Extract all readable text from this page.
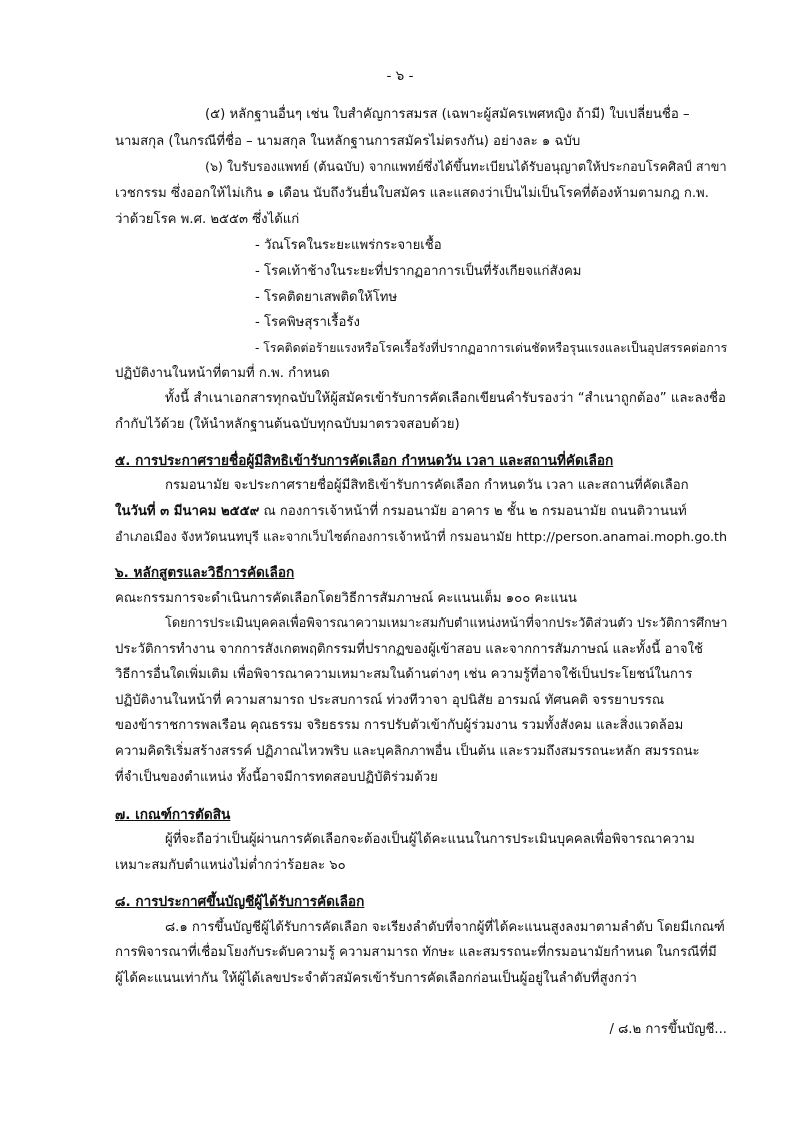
- ๖ -
(๕) หลักฐานอื่นๆ เช่น ใบสำคัญการสมรส (เฉพาะผู้สมัครเพศหญิง ถ้ามี) ใบเปลี่ยนชื่อ –
นามสกุล (ในกรณีที่ชื่อ – นามสกุล ในหลักฐานการสมัครไม่ตรงกัน) อย่างละ ๑ ฉบับ
(๖) ใบรับรองแพทย์ (ต้นฉบับ) จากแพทย์ซึ่งได้ขึ้นทะเบียนได้รับอนุญาตให้ประกอบโรคศิลป์ สาขา
เวชกรรม ซึ่งออกให้ไม่เกิน ๑ เดือน นับถึงวันยื่นใบสมัคร และแสดงว่าเป็นไม่เป็นโรคที่ต้องห้ามตามกฎ ก.พ.
ว่าด้วยโรค พ.ศ. ๒๕๕๓ ซึ่งได้แก่
- วัณโรคในระยะแพร่กระจายเชื้อ
- โรคเท้าช้างในระยะที่ปรากฏอาการเป็นที่รังเกียจแก่สังคม
- โรคติดยาเสพติดให้โทษ
- โรคพิษสุราเรื้อรัง
- โรคติดต่อร้ายแรงหรือโรคเรื้อรังที่ปรากฏอาการเด่นชัดหรือรุนแรงและเป็นอุปสรรคต่อการ
ปฏิบัติงานในหน้าที่ตามที่ ก.พ. กำหนด
ทั้งนี้ สำเนาเอกสารทุกฉบับให้ผู้สมัครเข้ารับการคัดเลือกเขียนคำรับรองว่า “สำเนาถูกต้อง” และลงชื่อ
กำกับไว้ด้วย (ให้นำหลักฐานต้นฉบับทุกฉบับมาตรวจสอบด้วย)
๕. การประกาศรายชื่อผู้มีสิทธิเข้ารับการคัดเลือก กำหนดวัน เวลา และสถานที่คัดเลือก
กรมอนามัย จะประกาศรายชื่อผู้มีสิทธิเข้ารับการคัดเลือก กำหนดวัน เวลา และสถานที่คัดเลือก
ในวันที่ ๓ มีนาคม ๒๕๕๙ ณ กองการเจ้าหน้าที่ กรมอนามัย อาคาร ๒ ชั้น ๒ กรมอนามัย ถนนติวานนท์
อำเภอเมือง จังหวัดนนทบุรี และจากเว็บไซต์กองการเจ้าหน้าที่ กรมอนามัย http://person.anamai.moph.go.th
๖. หลักสูตรและวิธีการคัดเลือก
คณะกรรมการจะดำเนินการคัดเลือกโดยวิธีการสัมภาษณ์ คะแนนเต็ม ๑๐๐ คะแนน
โดยการประเมินบุคคลเพื่อพิจารณาความเหมาะสมกับตำแหน่งหน้าที่จากประวัติส่วนตัว ประวัติการศึกษา
ประวัติการทำงาน จากการสังเกตพฤติกรรมที่ปรากฏของผู้เข้าสอบ และจากการสัมภาษณ์ และทั้งนี้ อาจใช้
วิธีการอื่นใดเพิ่มเติม เพื่อพิจารณาความเหมาะสมในด้านต่างๆ เช่น ความรู้ที่อาจใช้เป็นประโยชน์ในการ
ปฏิบัติงานในหน้าที่ ความสามารถ ประสบการณ์ ท่วงทีวาจา อุปนิสัย อารมณ์ ทัศนคติ จรรยาบรรณ
ของข้าราชการพลเรือน คุณธรรม จริยธรรม การปรับตัวเข้ากับผู้ร่วมงาน รวมทั้งสังคม และสิ่งแวดล้อม
ความคิดริเริ่มสร้างสรรค์ ปฏิภาณไหวพริบ และบุคลิกภาพอื่น เป็นต้น และรวมถึงสมรรถนะหลัก สมรรถนะ
ที่จำเป็นของตำแหน่ง ทั้งนี้อาจมีการทดสอบปฏิบัติร่วมด้วย
๗. เกณฑ์การตัดสิน
ผู้ที่จะถือว่าเป็นผู้ผ่านการคัดเลือกจะต้องเป็นผู้ได้คะแนนในการประเมินบุคคลเพื่อพิจารณาความ
เหมาะสมกับตำแหน่งไม่ต่ำกว่าร้อยละ ๖๐
๘. การประกาศขึ้นบัญชีผู้ได้รับการคัดเลือก
๘.๑ การขึ้นบัญชีผู้ได้รับการคัดเลือก จะเรียงลำดับที่จากผู้ที่ได้คะแนนสูงลงมาตามลำดับ โดยมีเกณฑ์
การพิจารณาที่เชื่อมโยงกับระดับความรู้ ความสามารถ ทักษะ และสมรรถนะที่กรมอนามัยกำหนด ในกรณีที่มี
ผู้ได้คะแนนเท่ากัน ให้ผู้ได้เลขประจำตัวสมัครเข้ารับการคัดเลือกก่อนเป็นผู้อยู่ในลำดับที่สูงกว่า
/ ๘.๒ การขึ้นบัญชี...
